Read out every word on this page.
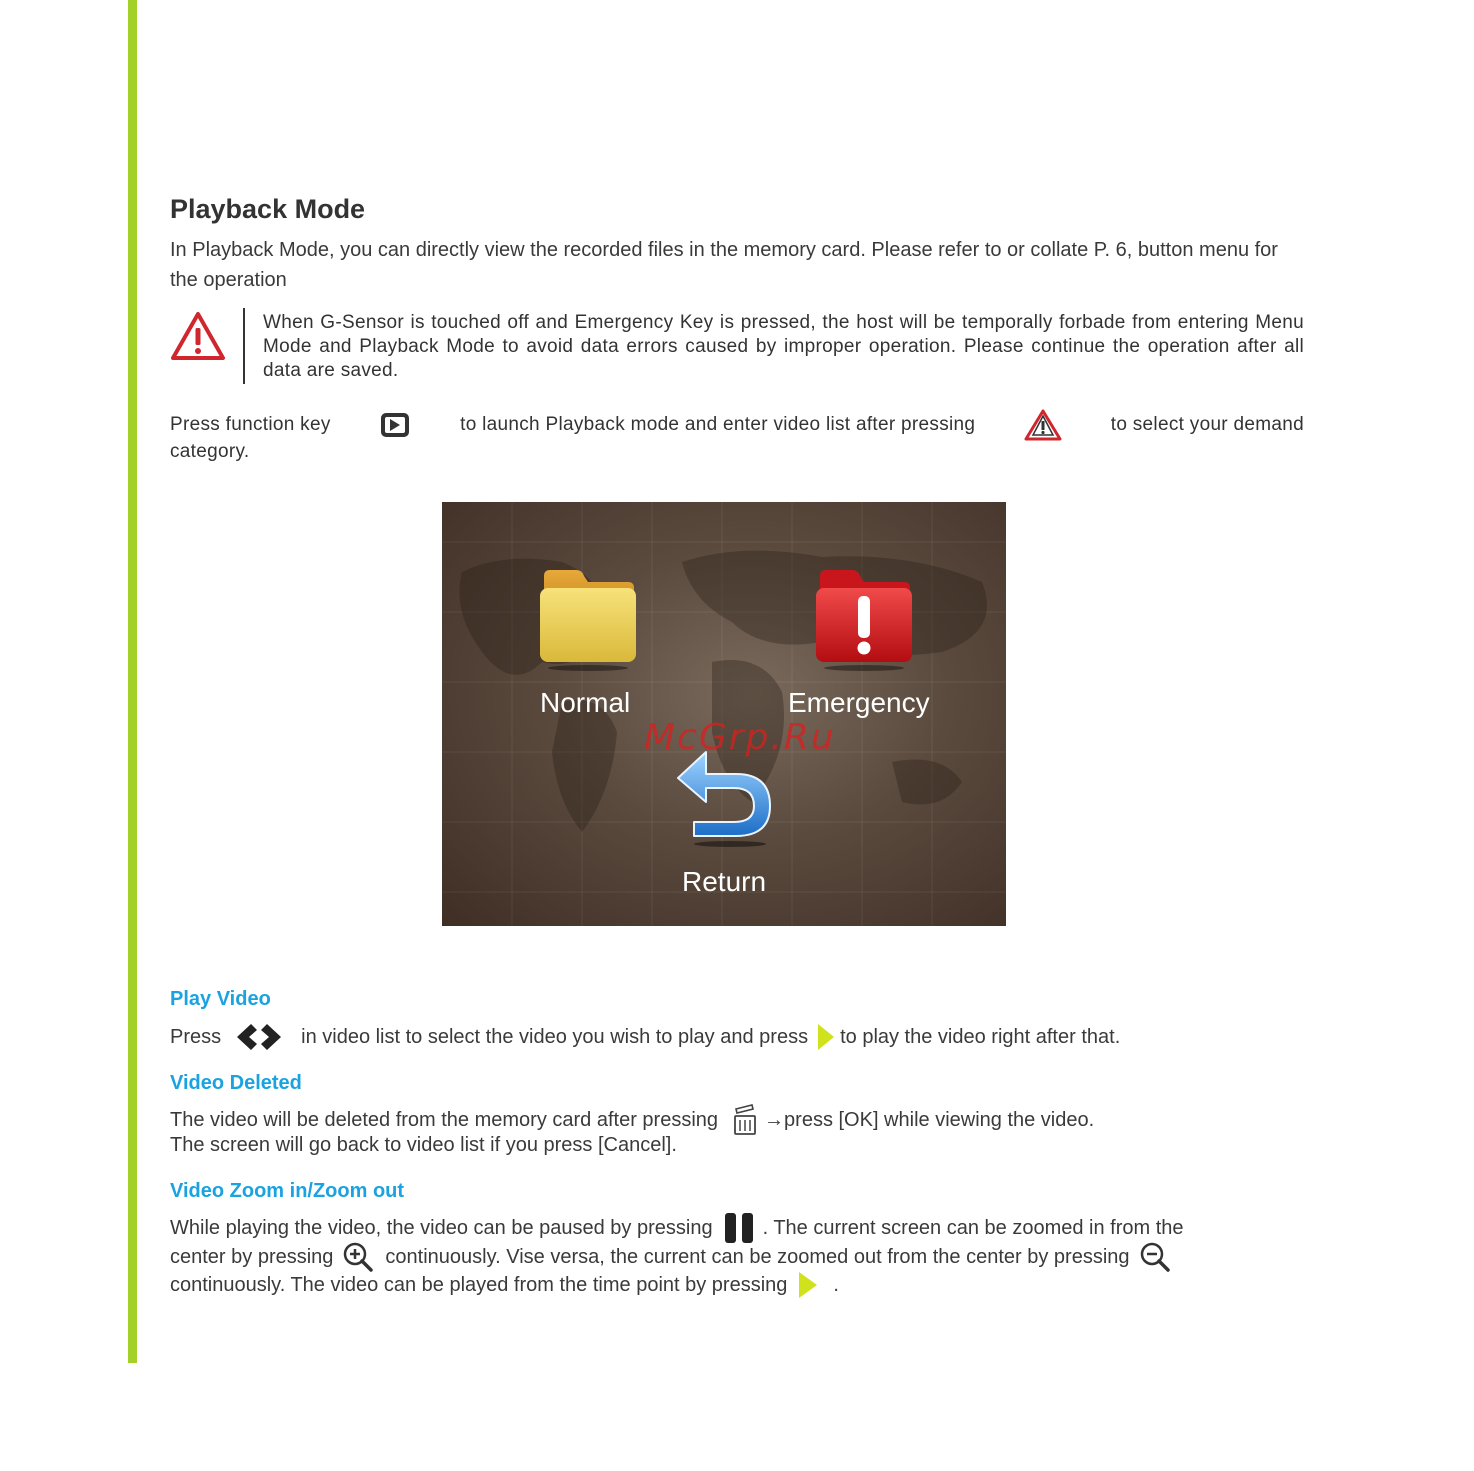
Playback Mode
In Playback Mode, you can directly view the recorded files in the memory card. Please refer to or collate P. 6, button menu for the operation
When G-Sensor is touched off and Emergency Key is pressed, the host will be temporally forbade from entering Menu Mode and Playback Mode to avoid data errors caused by improper operation. Please continue the operation after all data are saved.
Press function key	to launch Playback mode and enter video list after pressing	to select your demand
category.
Normal	Emergency
McGrp.Ru
Return
Play Video
Press	in video list to select the video you wish to play and press to play the video right after that.
Video Deleted
The video will be deleted from the memory card after pressing →press [OK] while viewing the video.
The screen will go back to video list if you press [Cancel].
Video Zoom in/Zoom out
While playing the video, the video can be paused by pressing	. The current screen can be zoomed in from the
center by pressing	continuously. Vise versa, the current can be zoomed out from the center by pressing
continuously. The video can be played from the time point by pressing .
